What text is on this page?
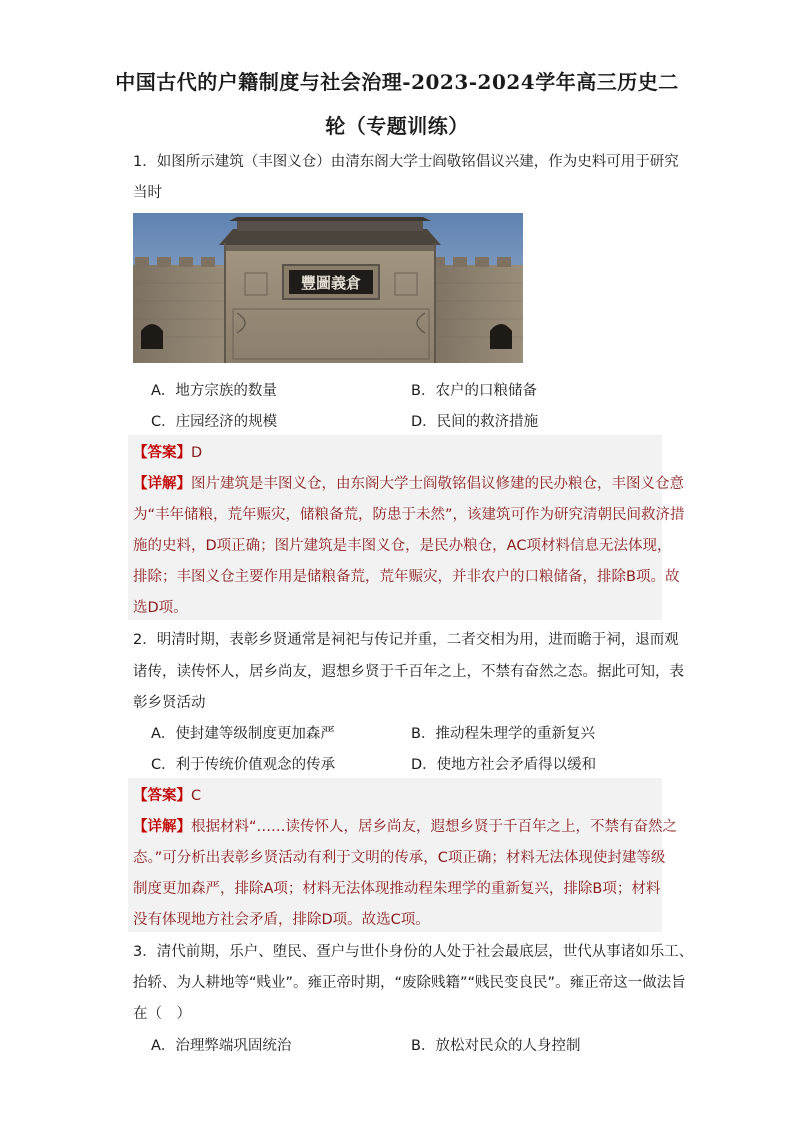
中国古代的户籍制度与社会治理-2023-2024学年高三历史二
轮（专题训练）
1．如图所示建筑（丰图义仓）由清东阁大学士阎敬铭倡议兴建，作为史料可用于研究
当时
豐圖義倉
A．地方宗族的数量	B．农户的口粮储备
C．庄园经济的规模	D．民间的救济措施
【答案】D
【详解】图片建筑是丰图义仓，由东阁大学士阎敬铭倡议修建的民办粮仓，丰图义仓意
为“丰年储粮，荒年赈灾，储粮备荒，防患于未然”，该建筑可作为研究清朝民间救济措
施的史料，D项正确；图片建筑是丰图义仓，是民办粮仓，AC项材料信息无法体现，
排除；丰图义仓主要作用是储粮备荒，荒年赈灾，并非农户的口粮储备，排除B项。故
选D项。
2．明清时期，表彰乡贤通常是祠祀与传记并重，二者交相为用，进而瞻于祠，退而观
诸传，读传怀人，居乡尚友，遐想乡贤于千百年之上，不禁有奋然之态。据此可知，表
彰乡贤活动
A．使封建等级制度更加森严	B．推动程朱理学的重新复兴
C．利于传统价值观念的传承	D．使地方社会矛盾得以缓和
【答案】C
【详解】根据材料“……读传怀人，居乡尚友，遐想乡贤于千百年之上，不禁有奋然之
态。”可分析出表彰乡贤活动有利于文明的传承，C项正确；材料无法体现使封建等级
制度更加森严，排除A项；材料无法体现推动程朱理学的重新复兴，排除B项；材料
没有体现地方社会矛盾，排除D项。故选C项。
3．清代前期，乐户、堕民、疍户与世仆身份的人处于社会最底层，世代从事诸如乐工、
抬轿、为人耕地等“贱业”。雍正帝时期，“废除贱籍”“贱民变良民”。雍正帝这一做法旨
在（　）
A．治理弊端巩固统治	B．放松对民众的人身控制
